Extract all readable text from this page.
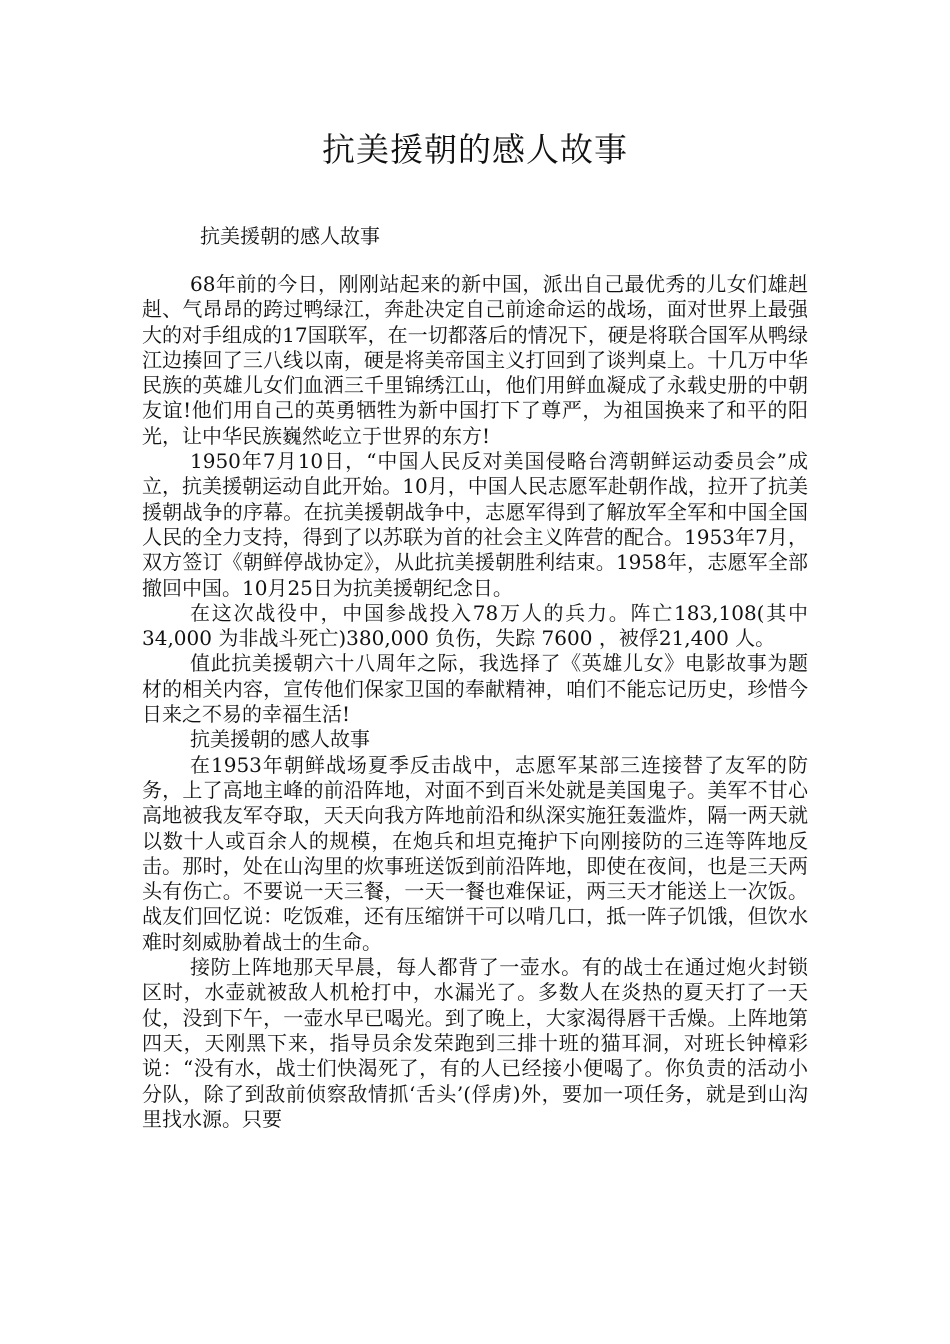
抗美援朝的感人故事
抗美援朝的感人故事

68年前的今日，刚刚站起来的新中国，派出自己最优秀的儿女们雄赳赳、气昂昂的跨过鸭绿江，奔赴决定自己前途命运的战场，面对世界上最强大的对手组成的17国联军，在一切都落后的情况下，硬是将联合国军从鸭绿江边揍回了三八线以南，硬是将美帝国主义打回到了谈判桌上。十几万中华民族的英雄儿女们血洒三千里锦绣江山，他们用鲜血凝成了永载史册的中朝友谊!他们用自己的英勇牺牲为新中国打下了尊严，为祖国换来了和平的阳光，让中华民族巍然屹立于世界的东方!

1950年7月10日，“中国人民反对美国侵略台湾朝鲜运动委员会”成立，抗美援朝运动自此开始。10月，中国人民志愿军赴朝作战，拉开了抗美援朝战争的序幕。在抗美援朝战争中，志愿军得到了解放军全军和中国全国人民的全力支持，得到了以苏联为首的社会主义阵营的配合。1953年7月，双方签订《朝鲜停战协定》，从此抗美援朝胜利结束。1958年，志愿军全部撤回中国。10月25日为抗美援朝纪念日。

在这次战役中，中国参战投入78万人的兵力。阵亡183,108(其中34,000 为非战斗死亡)380,000 负伤，失踪 7600 ，被俘21,400 人。

值此抗美援朝六十八周年之际，我选择了《英雄儿女》电影故事为题材的相关内容，宣传他们保家卫国的奉献精神，咱们不能忘记历史，珍惜今日来之不易的幸福生活!

抗美援朝的感人故事

在1953年朝鲜战场夏季反击战中，志愿军某部三连接替了友军的防务，上了高地主峰的前沿阵地，对面不到百米处就是美国鬼子。美军不甘心高地被我友军夺取，天天向我方阵地前沿和纵深实施狂轰滥炸，隔一两天就以数十人或百余人的规模，在炮兵和坦克掩护下向刚接防的三连等阵地反击。那时，处在山沟里的炊事班送饭到前沿阵地，即使在夜间，也是三天两头有伤亡。不要说一天三餐，一天一餐也难保证，两三天才能送上一次饭。战友们回忆说：吃饭难，还有压缩饼干可以啃几口，抵一阵子饥饿，但饮水难时刻威胁着战士的生命。

接防上阵地那天早晨，每人都背了一壶水。有的战士在通过炮火封锁区时，水壶就被敌人机枪打中，水漏光了。多数人在炎热的夏天打了一天仗，没到下午，一壶水早已喝光。到了晚上，大家渴得唇干舌燥。上阵地第四天，天刚黑下来，指导员余发荣跑到三排十班的猫耳洞，对班长钟樟彩说：“没有水，战士们快渴死了，有的人已经接小便喝了。你负责的活动小分队，除了到敌前侦察敌情抓‘舌头’(俘虏)外，要加一项任务，就是到山沟里找水源。只要
